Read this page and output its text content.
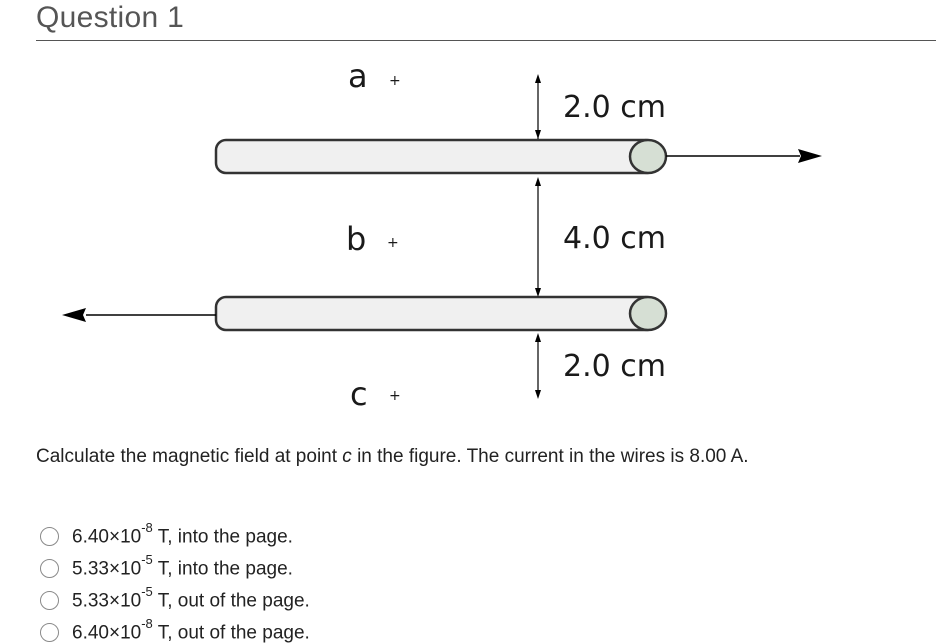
Question 1
a +
b +
c +
2.0 cm
4.0 cm
2.0 cm
Calculate the magnetic field at point c in the figure. The current in the wires is 8.00 A.
$6.40\times 10^{-8}$ T, into the page.
$5.33\times 10^{-5}$ T, into the page.
$5.33\times 10^{-5}$ T, out of the page.
$6.40\times 10^{-8}$ T, out of the page.
